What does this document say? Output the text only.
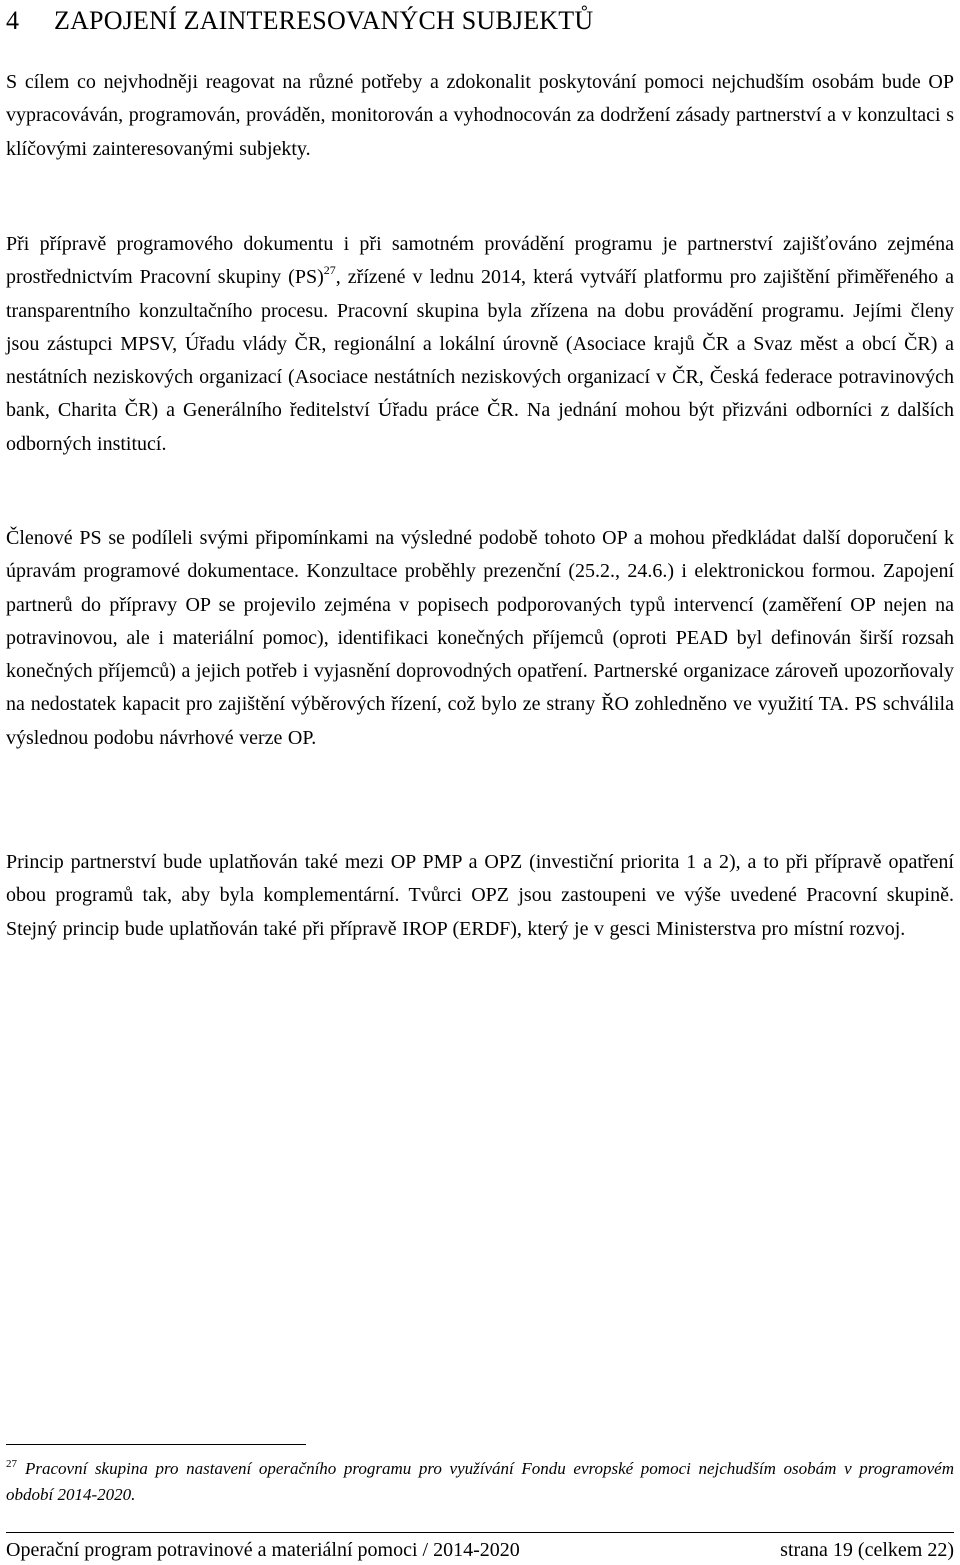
4 ZAPOJENÍ ZAINTERESOVANÝCH SUBJEKTŮ

S cílem co nejvhodněji reagovat na různé potřeby a zdokonalit poskytování pomoci nejchudším osobám bude OP vypracováván, programován, prováděn, monitorován a vyhodnocován za dodržení zásady partnerství a v konzultaci s klíčovými zainteresovanými subjekty.

Při přípravě programového dokumentu i při samotném provádění programu je partnerství zajišťováno zejména prostřednictvím Pracovní skupiny (PS)$^{27}$, zřízené v lednu 2014, která vytváří platformu pro zajištění přiměřeného a transparentního konzultačního procesu. Pracovní skupina byla zřízena na dobu provádění programu. Jejími členy jsou zástupci MPSV, Úřadu vlády ČR, regionální a lokální úrovně (Asociace krajů ČR a Svaz měst a obcí ČR) a nestátních neziskových organizací (Asociace nestátních neziskových organizací v ČR, Česká federace potravinových bank, Charita ČR) a Generálního ředitelství Úřadu práce ČR. Na jednání mohou být přizváni odborníci z dalších odborných institucí.

Členové PS se podíleli svými připomínkami na výsledné podobě tohoto OP a mohou předkládat další doporučení k úpravám programové dokumentace. Konzultace proběhly prezenční (25.2., 24.6.) i elektronickou formou. Zapojení partnerů do přípravy OP se projevilo zejména v popisech podporovaných typů intervencí (zaměření OP nejen na potravinovou, ale i materiální pomoc), identifikaci konečných příjemců (oproti PEAD byl definován širší rozsah konečných příjemců) a jejich potřeb i vyjasnění doprovodných opatření. Partnerské organizace zároveň upozorňovaly na nedostatek kapacit pro zajištění výběrových řízení, což bylo ze strany ŘO zohledněno ve využití TA. PS schválila výslednou podobu návrhové verze OP.

Princip partnerství bude uplatňován také mezi OP PMP a OPZ (investiční priorita 1 a 2), a to při přípravě opatření obou programů tak, aby byla komplementární. Tvůrci OPZ jsou zastoupeni ve výše uvedené Pracovní skupině. Stejný princip bude uplatňován také při přípravě IROP (ERDF), který je v gesci Ministerstva pro místní rozvoj.

$^{27}$ Pracovní skupina pro nastavení operačního programu pro využívání Fondu evropské pomoci nejchudším osobám v programovém období 2014-2020.

Operační program potravinové a materiální pomoci / 2014-2020	strana 19 (celkem 22)
